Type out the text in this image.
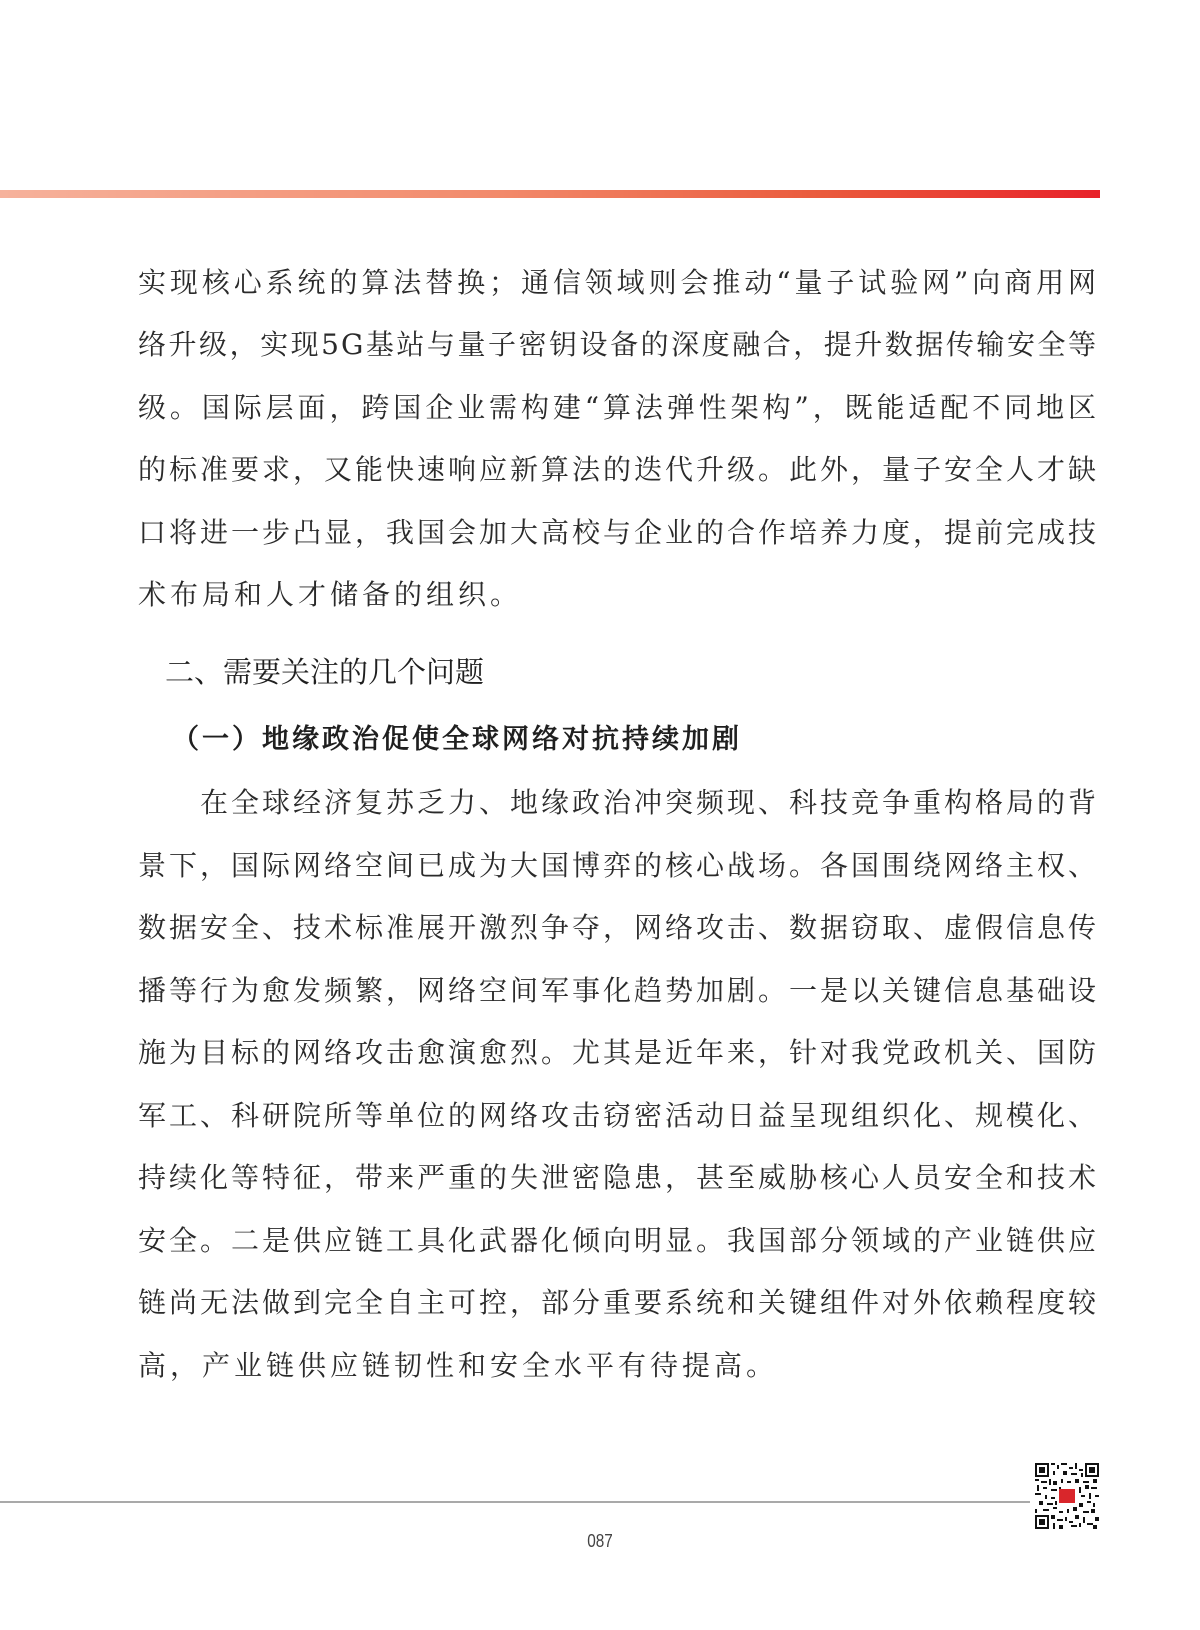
实现核心系统的算法替换；通信领域则会推动“量子试验网”向商用网
络升级，实现5G基站与量子密钥设备的深度融合，提升数据传输安全等
级。国际层面，跨国企业需构建“算法弹性架构”，既能适配不同地区
的标准要求，又能快速响应新算法的迭代升级。此外，量子安全人才缺
口将进一步凸显，我国会加大高校与企业的合作培养力度，提前完成技
术布局和人才储备的组织。
二、需要关注的几个问题
（一）地缘政治促使全球网络对抗持续加剧
在全球经济复苏乏力、地缘政治冲突频现、科技竞争重构格局的背
景下，国际网络空间已成为大国博弈的核心战场。各国围绕网络主权、
数据安全、技术标准展开激烈争夺，网络攻击、数据窃取、虚假信息传
播等行为愈发频繁，网络空间军事化趋势加剧。一是以关键信息基础设
施为目标的网络攻击愈演愈烈。尤其是近年来，针对我党政机关、国防
军工、科研院所等单位的网络攻击窃密活动日益呈现组织化、规模化、
持续化等特征，带来严重的失泄密隐患，甚至威胁核心人员安全和技术
安全。二是供应链工具化武器化倾向明显。我国部分领域的产业链供应
链尚无法做到完全自主可控，部分重要系统和关键组件对外依赖程度较
高，产业链供应链韧性和安全水平有待提高。
087
